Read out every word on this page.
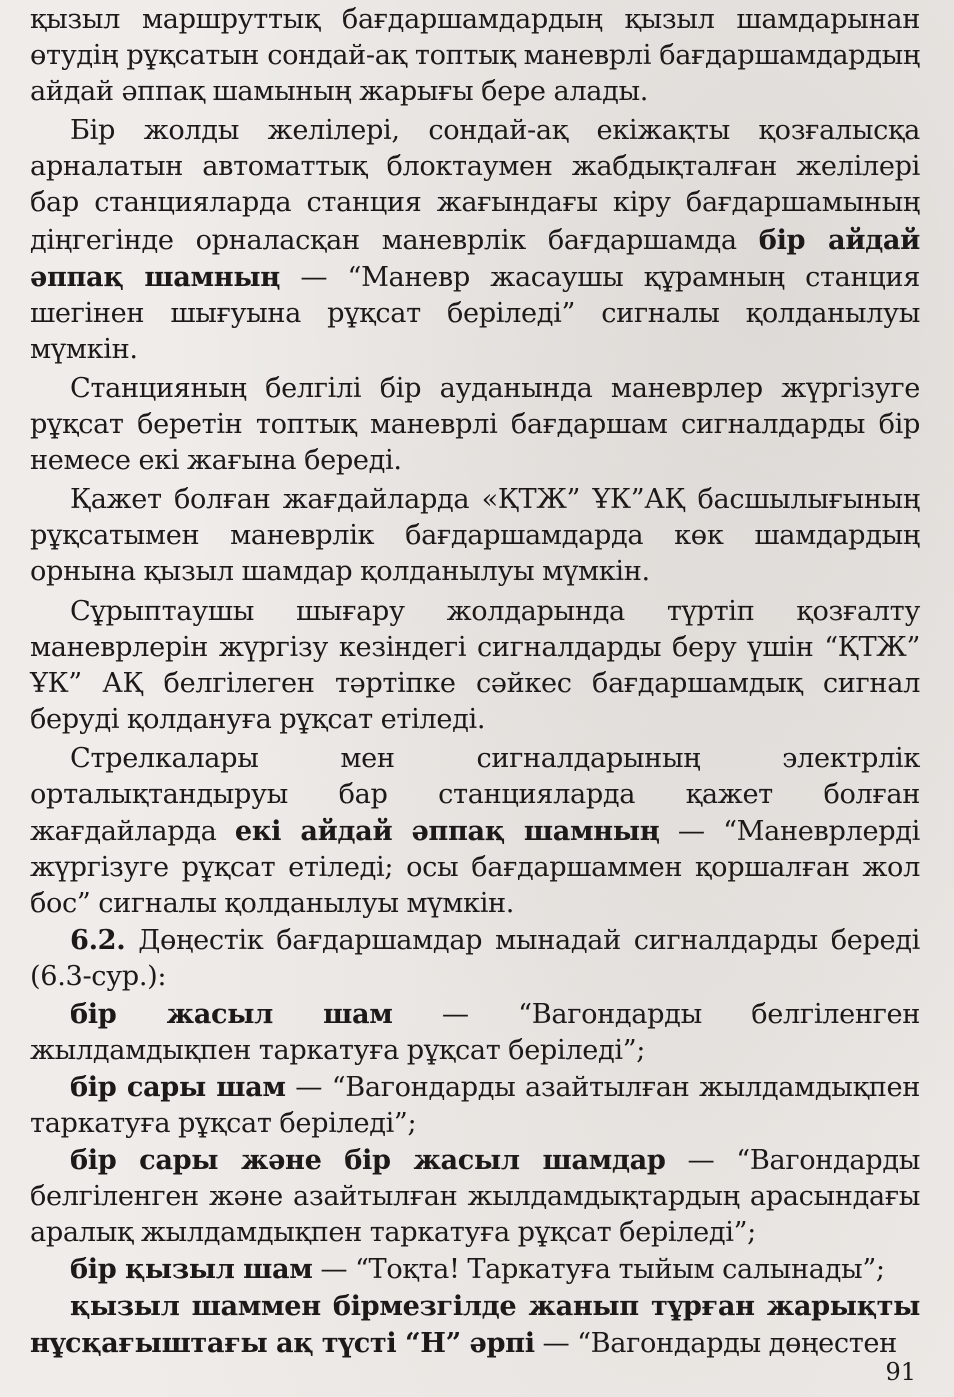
қызыл маршруттық бағдаршамдардың қызыл шамдарынан өтудің рұқсатын сондай-ақ топтық маневрлі бағдаршамдардың айдай әппақ шамының жарығы бере алады.

Бір жолды желілері, сондай-ақ екіжақты қозғалысқа арналатын автоматтық блоктаумен жабдықталған желілері бар станцияларда станция жағындағы кіру бағдаршамының діңгегінде орналасқан маневрлік бағдаршамда бір айдай әппақ шамның — “Маневр жасаушы құрамның станция шегінен шығуына рұқсат беріледі” сигналы қолданылуы мүмкін.

Станцияның белгілі бір ауданында маневрлер жүргізуге рұқсат беретін топтық маневрлі бағдаршам сигналдарды бір немесе екі жағына береді.

Қажет болған жағдайларда «ҚТЖ” ҰК”АҚ басшылығының рұқсатымен маневрлік бағдаршамдарда көк шамдардың орнына қызыл шамдар қолданылуы мүмкін.

Сұрыптаушы шығару жолдарында түртіп қозғалту маневрлерін жүргізу кезіндегі сигналдарды беру үшін “ҚТЖ” ҰК” АҚ белгілеген тәртіпке сәйкес бағдаршамдық сигнал беруді қолдануға рұқсат етіледі.

Стрелкалары мен сигналдарының электрлік орталықтандыруы бар станцияларда қажет болған жағдайларда екі айдай әппақ шамның — “Маневрлерді жүргізуге рұқсат етіледі; осы бағдаршаммен қоршалған жол бос” сигналы қолданылуы мүмкін.

6.2. Дөңестік бағдаршамдар мынадай сигналдарды береді (6.3-сур.):

бір жасыл шам — “Вагондарды белгіленген жылдамдықпен таркатуға рұқсат беріледі”;

бір сары шам — “Вагондарды азайтылған жылдамдықпен таркатуға рұқсат беріледі”;

бір сары және бір жасыл шамдар — “Вагондарды белгіленген және азайтылған жылдамдықтардың арасындағы аралық жылдамдықпен таркатуға рұқсат беріледі”;

бір қызыл шам — “Тоқта! Таркатуға тыйым салынады”;

қызыл шаммен бірмезгілде жанып тұрған жарықты нұсқағыштағы ақ түсті “Н” әрпі — “Вагондарды дөңестен

91
